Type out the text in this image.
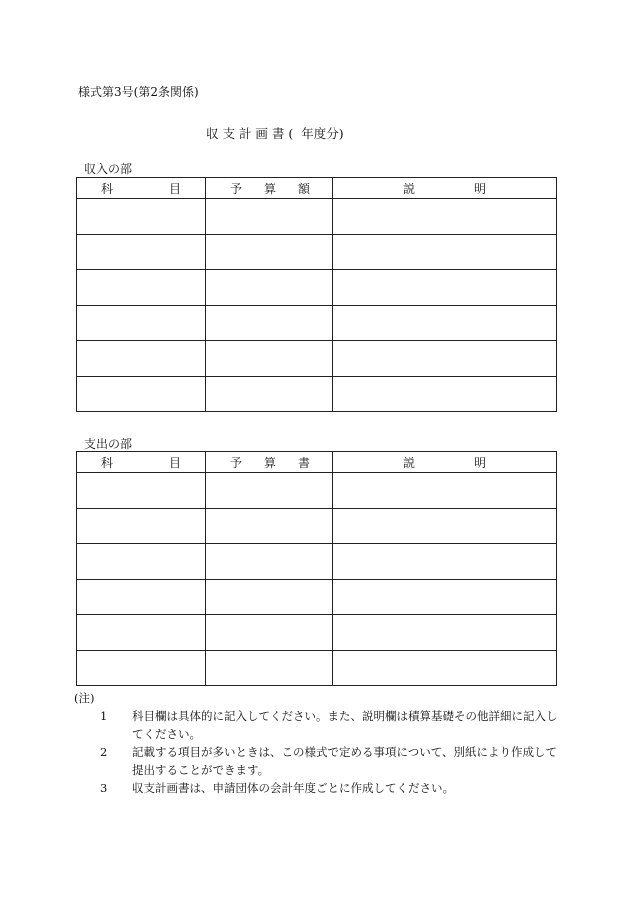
様式第3号(第2条関係)
収 支 計 画 書 (  年度分)
収入の部
科 目	予 算 額	説 明

支出の部
科 目	予 算 書	説 明

(注)
1	科目欄は具体的に記入してください。また、説明欄は積算基礎その他詳細に記入してください。
2	記載する項目が多いときは、この様式で定める事項について、別紙により作成して提出することができます。
3	収支計画書は、申請団体の会計年度ごとに作成してください。
